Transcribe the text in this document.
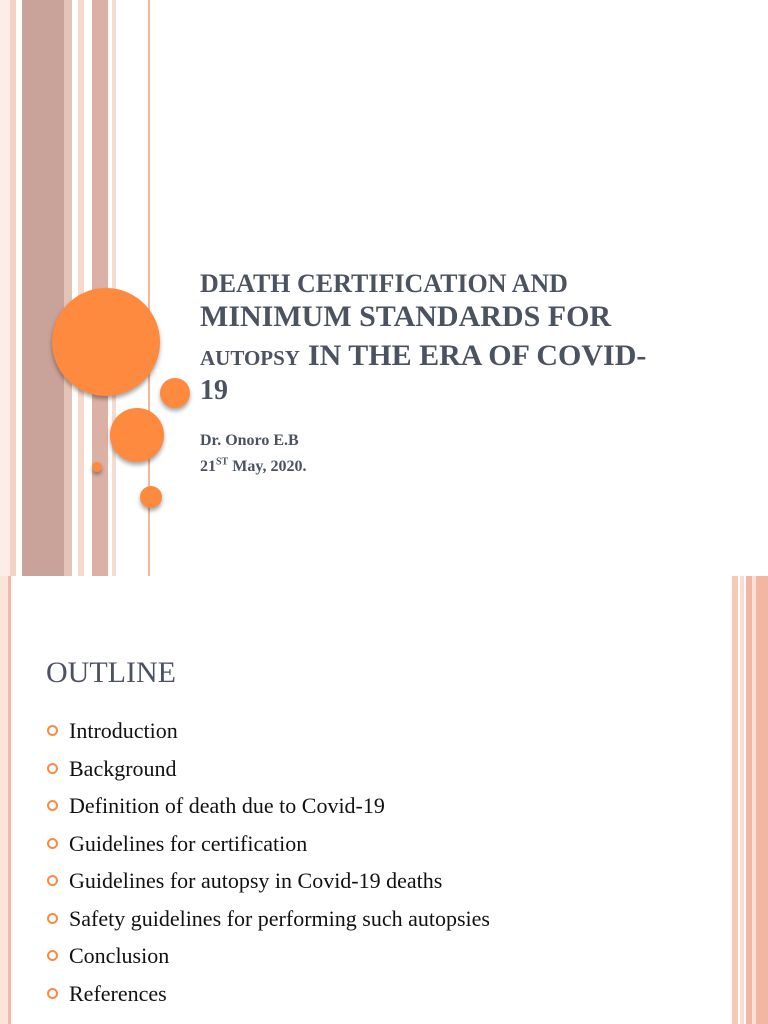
DEATH CERTIFICATION AND
MINIMUM STANDARDS FOR
AUTOPSY IN THE ERA OF COVID-
19
Dr. Onoro E.B
21ST May, 2020.
OUTLINE
Introduction
Background
Definition of death due to Covid-19
Guidelines for certification
Guidelines for autopsy in Covid-19 deaths
Safety guidelines for performing such autopsies
Conclusion
References
